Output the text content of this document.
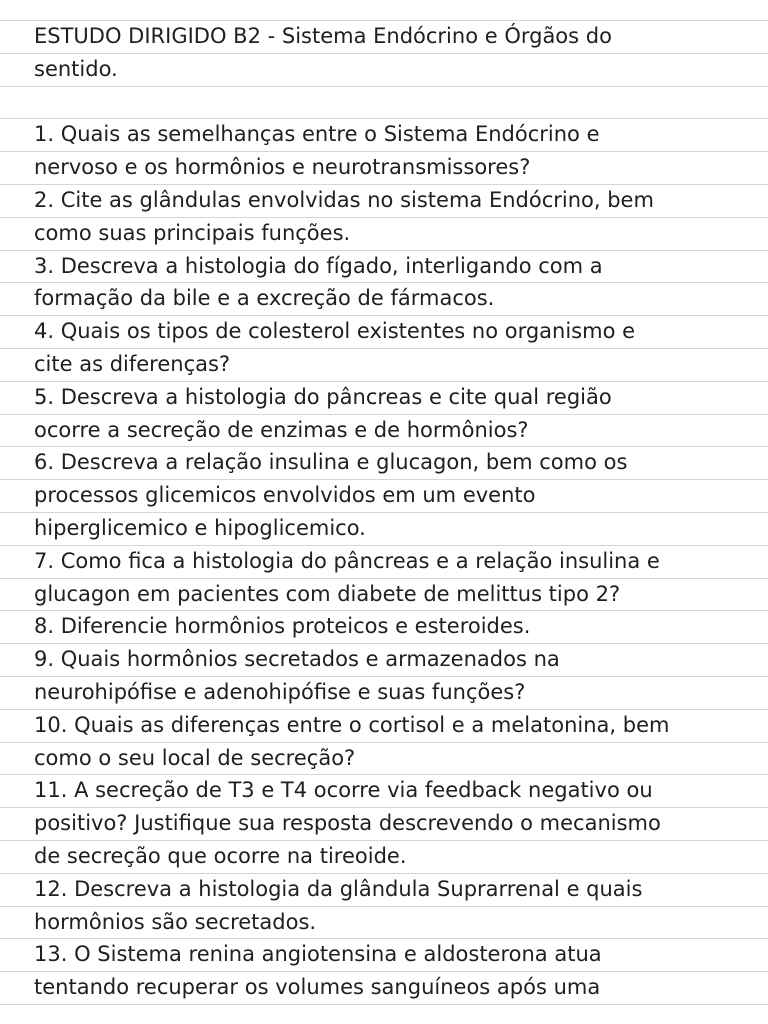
ESTUDO DIRIGIDO B2 - Sistema Endócrino e Órgãos do
sentido.
1. Quais as semelhanças entre o Sistema Endócrino e
nervoso e os hormônios e neurotransmissores?
2. Cite as glândulas envolvidas no sistema Endócrino, bem
como suas principais funções.
3. Descreva a histologia do fígado, interligando com a
formação da bile e a excreção de fármacos.
4. Quais os tipos de colesterol existentes no organismo e
cite as diferenças?
5. Descreva a histologia do pâncreas e cite qual região
ocorre a secreção de enzimas e de hormônios?
6. Descreva a relação insulina e glucagon, bem como os
processos glicemicos envolvidos em um evento
hiperglicemico e hipoglicemico.
7. Como fica a histologia do pâncreas e a relação insulina e
glucagon em pacientes com diabete de melittus tipo 2?
8. Diferencie hormônios proteicos e esteroides.
9. Quais hormônios secretados e armazenados na
neurohipófise e adenohipófise e suas funções?
10. Quais as diferenças entre o cortisol e a melatonina, bem
como o seu local de secreção?
11. A secreção de T3 e T4 ocorre via feedback negativo ou
positivo? Justifique sua resposta descrevendo o mecanismo
de secreção que ocorre na tireoide.
12. Descreva a histologia da glândula Suprarrenal e quais
hormônios são secretados.
13. O Sistema renina angiotensina e aldosterona atua
tentando recuperar os volumes sanguíneos após uma
